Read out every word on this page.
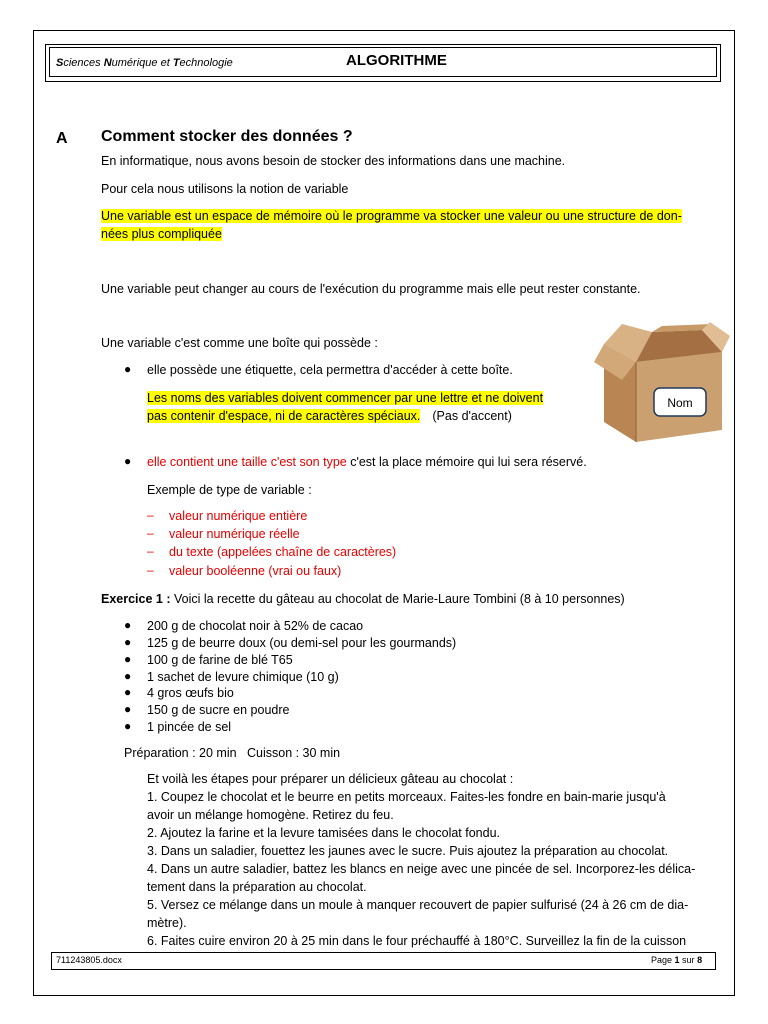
Sciences Numérique et Technologie	ALGORITHME
A Comment stocker des données ?
En informatique, nous avons besoin de stocker des informations dans une machine.
Pour cela nous utilisons la notion de variable
Une variable est un espace de mémoire où le programme va stocker une valeur ou une structure de don-
nées plus compliquée
Une variable peut changer au cours de l'exécution du programme mais elle peut rester constante.
Une variable c'est comme une boîte qui possède :
● elle possède une étiquette, cela permettra d'accéder à cette boîte.
Les noms des variables doivent commencer par une lettre et ne doivent
pas contenir d'espace, ni de caractères spéciaux. (Pas d'accent)
Nom
● elle contient une taille c'est son type c'est la place mémoire qui lui sera réservé.
Exemple de type de variable :
– valeur numérique entière
– valeur numérique réelle
– du texte (appelées chaîne de caractères)
– valeur booléenne (vrai ou faux)
Exercice 1 : Voici la recette du gâteau au chocolat de Marie-Laure Tombini (8 à 10 personnes)
● 200 g de chocolat noir à 52% de cacao
● 125 g de beurre doux (ou demi-sel pour les gourmands)
● 100 g de farine de blé T65
● 1 sachet de levure chimique (10 g)
● 4 gros œufs bio
● 150 g de sucre en poudre
● 1 pincée de sel
Préparation : 20 min   Cuisson : 30 min
Et voilà les étapes pour préparer un délicieux gâteau au chocolat :
1. Coupez le chocolat et le beurre en petits morceaux. Faites-les fondre en bain-marie jusqu'à
avoir un mélange homogène. Retirez du feu.
2. Ajoutez la farine et la levure tamisées dans le chocolat fondu.
3. Dans un saladier, fouettez les jaunes avec le sucre. Puis ajoutez la préparation au chocolat.
4. Dans un autre saladier, battez les blancs en neige avec une pincée de sel. Incorporez-les délica-
tement dans la préparation au chocolat.
5. Versez ce mélange dans un moule à manquer recouvert de papier sulfurisé (24 à 26 cm de dia-
mètre).
6. Faites cuire environ 20 à 25 min dans le four préchauffé à 180°C. Surveillez la fin de la cuisson
711243805.docx	Page 1 sur 8
